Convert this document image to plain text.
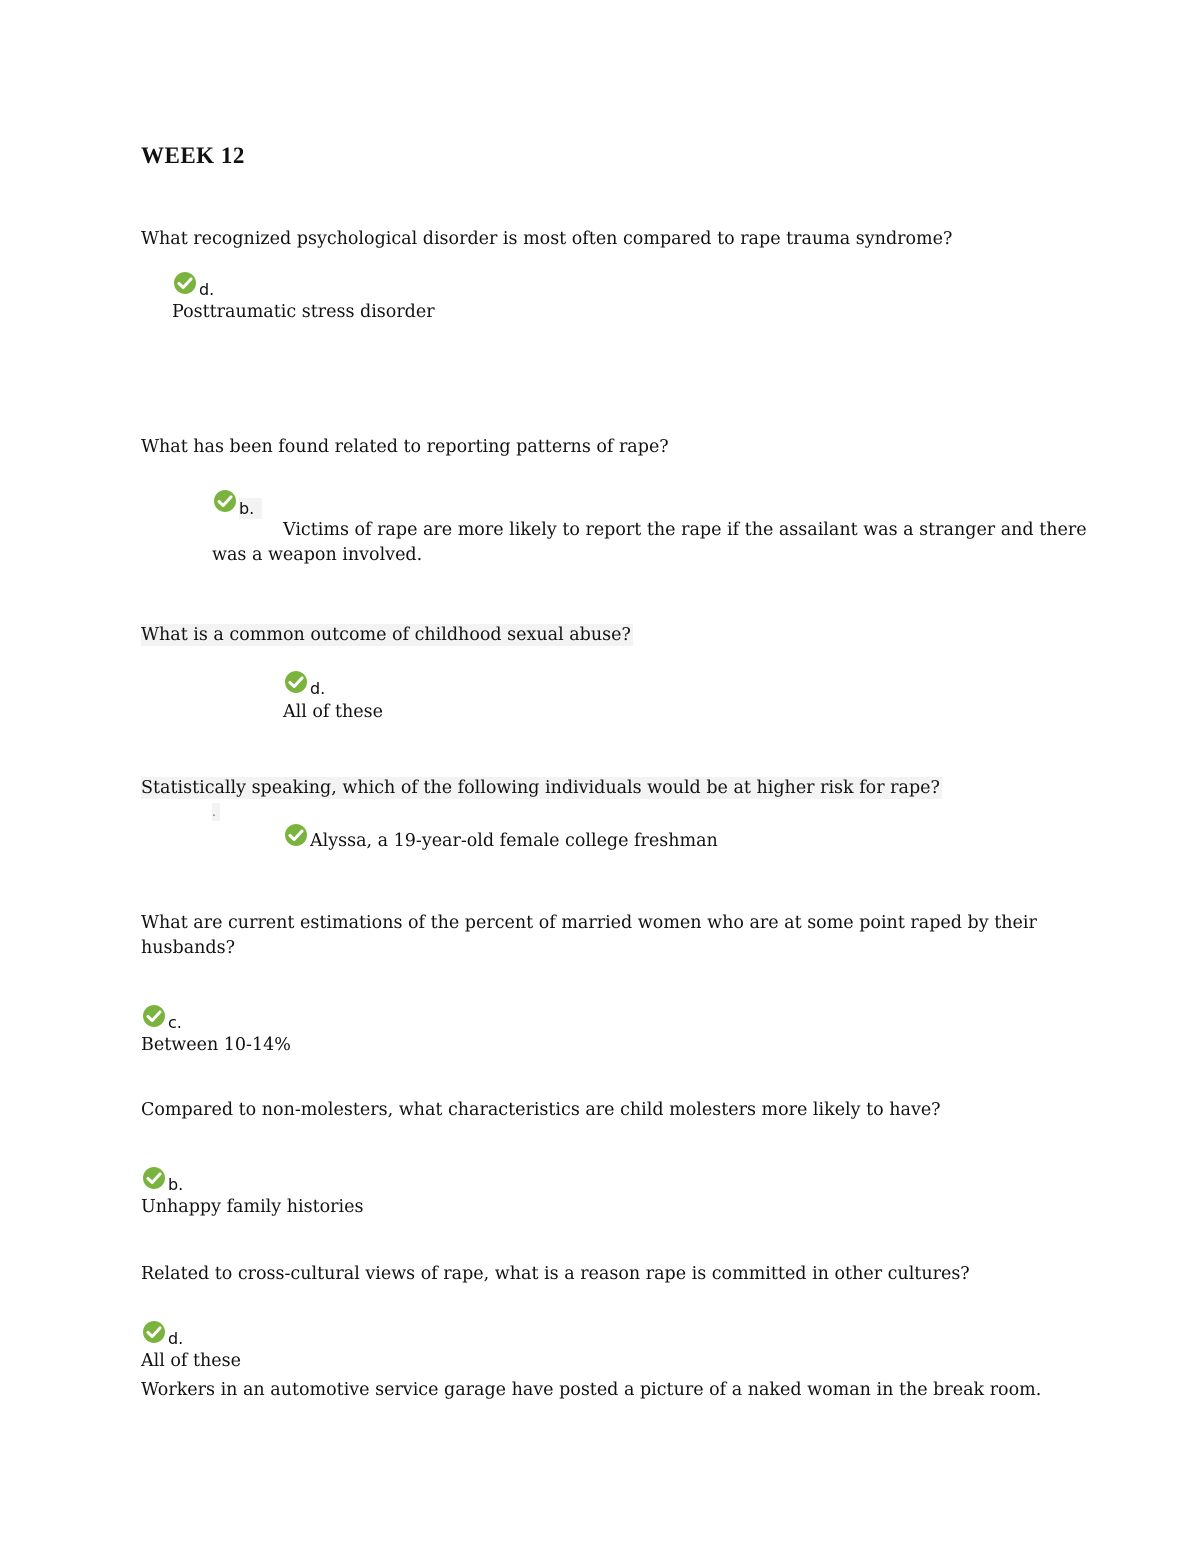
WEEK 12
What recognized psychological disorder is most often compared to rape trauma syndrome?
d.
Posttraumatic stress disorder
What has been found related to reporting patterns of rape?
b.
Victims of rape are more likely to report the rape if the assailant was a stranger and there
was a weapon involved.
What is a common outcome of childhood sexual abuse?
d.
All of these
Statistically speaking, which of the following individuals would be at higher risk for rape?
.
Alyssa, a 19-year-old female college freshman
What are current estimations of the percent of married women who are at some point raped by their
husbands?
c.
Between 10-14%
Compared to non-molesters, what characteristics are child molesters more likely to have?
b.
Unhappy family histories
Related to cross-cultural views of rape, what is a reason rape is committed in other cultures?
d.
All of these
Workers in an automotive service garage have posted a picture of a naked woman in the break room.
